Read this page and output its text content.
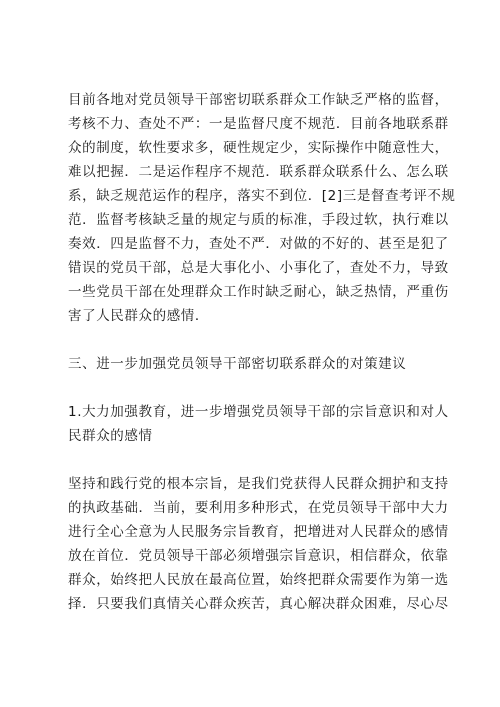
目前各地对党员领导干部密切联系群众工作缺乏严格的监督，
考核不力、查处不严：一是监督尺度不规范．目前各地联系群
众的制度，软性要求多，硬性规定少，实际操作中随意性大，
难以把握．二是运作程序不规范．联系群众联系什么、怎么联
系，缺乏规范运作的程序，落实不到位．[2]三是督查考评不规
范．监督考核缺乏量的规定与质的标准，手段过软，执行难以
奏效．四是监督不力，查处不严．对做的不好的、甚至是犯了
错误的党员干部，总是大事化小、小事化了，查处不力，导致
一些党员干部在处理群众工作时缺乏耐心，缺乏热情，严重伤
害了人民群众的感情．
三、进一步加强党员领导干部密切联系群众的对策建议
1.大力加强教育，进一步增强党员领导干部的宗旨意识和对人
民群众的感情
坚持和践行党的根本宗旨，是我们党获得人民群众拥护和支持
的执政基础．当前，要利用多种形式，在党员领导干部中大力
进行全心全意为人民服务宗旨教育，把增进对人民群众的感情
放在首位．党员领导干部必须增强宗旨意识，相信群众，依靠
群众，始终把人民放在最高位置，始终把群众需要作为第一选
择．只要我们真情关心群众疾苦，真心解决群众困难，尽心尽
